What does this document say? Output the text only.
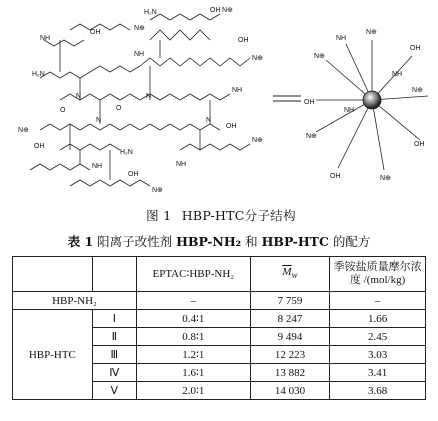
H₂N
NH
H₂N
NH
OH
OH N⊕
N⊕
N⊕
OH
N	N
N	N
O
O
NH
OH
N⊕
OH
NH
H₂N
N⊕
NH
N⊕
OH
N⊕
OH
N⊕
OH
N⊕
OH
N⊕
OH
N⊕
NH
NH
NH
图 1 HBP-HTC分子结构
表 1 阳离子改性剂 HBP-NH₂ 和 HBP-HTC 的配方
		EPTAC∶HBP-NH₂	$\overline{M}_w$	季铵盐质量摩尔浓度 /(mol/kg)
HBP-NH₂		–	7 759	–
HBP-HTC	Ⅰ	0.4∶1	8 247	1.66
	Ⅱ	0.8∶1	9 494	2.45
	Ⅲ	1.2∶1	12 223	3.03
	Ⅳ	1.6∶1	13 882	3.41
	Ⅴ	2.0∶1	14 030	3.68
